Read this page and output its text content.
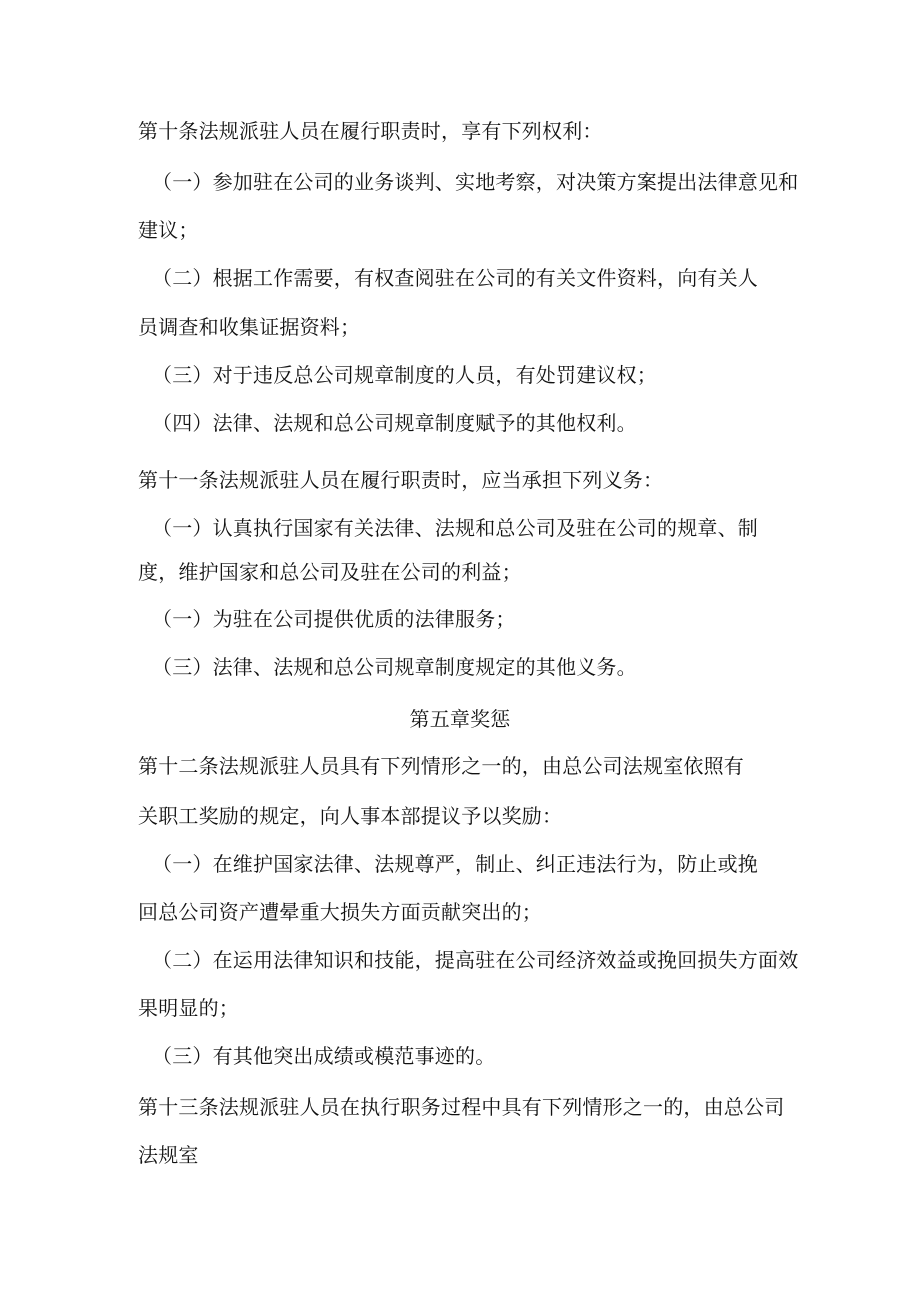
第十条法规派驻人员在履行职责时，享有下列权利：
（一）参加驻在公司的业务谈判、实地考察，对决策方案提出法律意见和
建议；
（二）根据工作需要，有权查阅驻在公司的有关文件资料，向有关人
员调查和收集证据资料；
（三）对于违反总公司规章制度的人员，有处罚建议权；
（四）法律、法规和总公司规章制度赋予的其他权利。
第十一条法规派驻人员在履行职责时，应当承担下列义务：
（一）认真执行国家有关法律、法规和总公司及驻在公司的规章、制
度，维护国家和总公司及驻在公司的利益；
（一）为驻在公司提供优质的法律服务；
（三）法律、法规和总公司规章制度规定的其他义务。
第五章奖惩
第十二条法规派驻人员具有下列情形之一的，由总公司法规室依照有
关职工奖励的规定，向人事本部提议予以奖励：
（一）在维护国家法律、法规尊严，制止、纠正违法行为，防止或挽
回总公司资产遭晕重大损失方面贡献突出的；
（二）在运用法律知识和技能，提高驻在公司经济效益或挽回损失方面效
果明显的；
（三）有其他突出成绩或模范事迹的。
第十三条法规派驻人员在执行职务过程中具有下列情形之一的，由总公司
法规室
